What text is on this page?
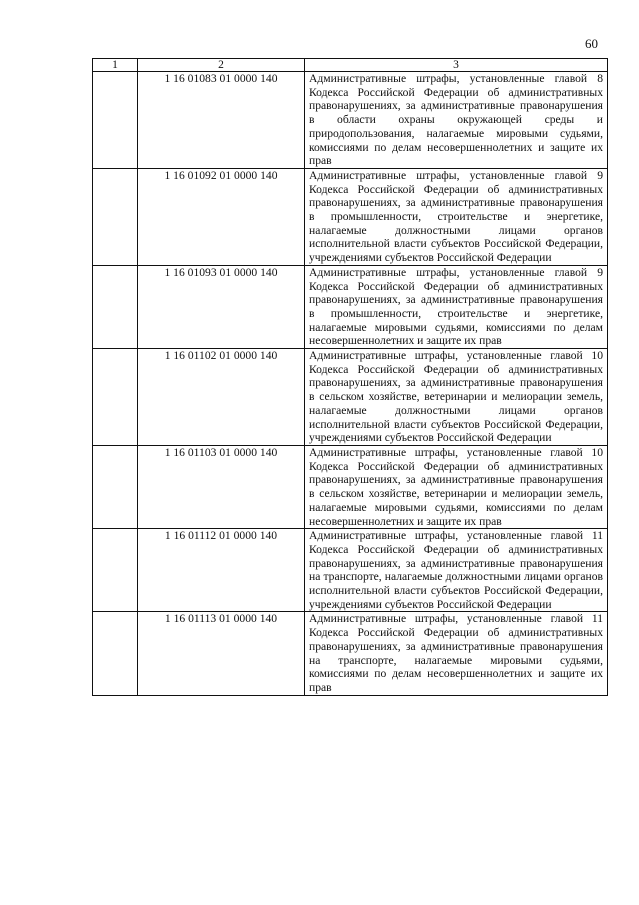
60
1	2	3
	1 16 01083 01 0000 140	Административные штрафы, установленные главой 8 Кодекса Российской Федерации об административных правонарушениях, за административные правонарушения в области охраны окружающей среды и природопользования, налагаемые мировыми судьями, комиссиями по делам несовершеннолетних и защите их прав
	1 16 01092 01 0000 140	Административные штрафы, установленные главой 9 Кодекса Российской Федерации об административных правонарушениях, за административные правонарушения в промышленности, строительстве и энергетике, налагаемые должностными лицами органов исполнительной власти субъектов Российской Федерации, учреждениями субъектов Российской Федерации
	1 16 01093 01 0000 140	Административные штрафы, установленные главой 9 Кодекса Российской Федерации об административных правонарушениях, за административные правонарушения в промышленности, строительстве и энергетике, налагаемые мировыми судьями, комиссиями по делам несовершеннолетних и защите их прав
	1 16 01102 01 0000 140	Административные штрафы, установленные главой 10 Кодекса Российской Федерации об административных правонарушениях, за административные правонарушения в сельском хозяйстве, ветеринарии и мелиорации земель, налагаемые должностными лицами органов исполнительной власти субъектов Российской Федерации, учреждениями субъектов Российской Федерации
	1 16 01103 01 0000 140	Административные штрафы, установленные главой 10 Кодекса Российской Федерации об административных правонарушениях, за административные правонарушения в сельском хозяйстве, ветеринарии и мелиорации земель, налагаемые мировыми судьями, комиссиями по делам несовершеннолетних и защите их прав
	1 16 01112 01 0000 140	Административные штрафы, установленные главой 11 Кодекса Российской Федерации об административных правонарушениях, за административные правонарушения на транспорте, налагаемые должностными лицами органов исполнительной власти субъектов Российской Федерации, учреждениями субъектов Российской Федерации
	1 16 01113 01 0000 140	Административные штрафы, установленные главой 11 Кодекса Российской Федерации об административных правонарушениях, за административные правонарушения на транспорте, налагаемые мировыми судьями, комиссиями по делам несовершеннолетних и защите их прав
